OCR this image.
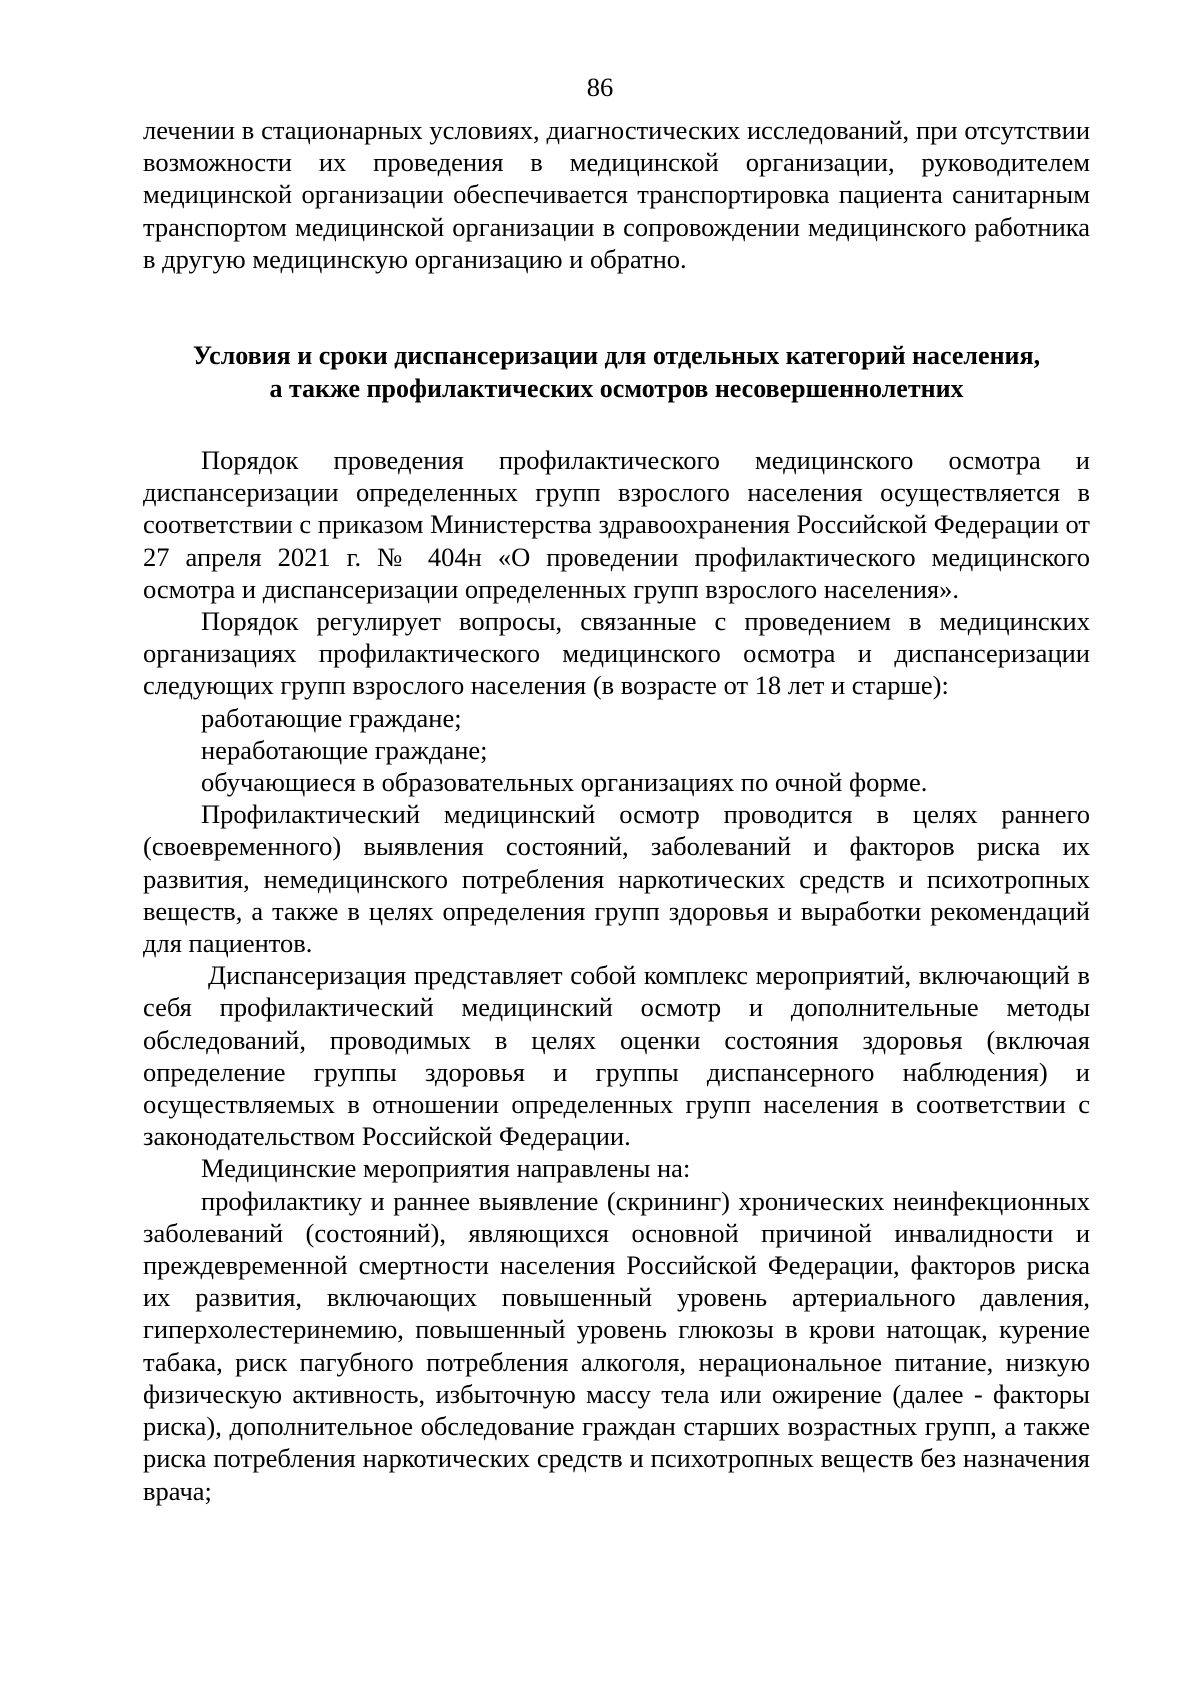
86

лечении в стационарных условиях, диагностических исследований, при отсутствии возможности их проведения в медицинской организации, руководителем медицинской организации обеспечивается транспортировка пациента санитарным транспортом медицинской организации в сопровождении медицинского работника в другую медицинскую организацию и обратно.

Условия и сроки диспансеризации для отдельных категорий населения,
а также профилактических осмотров несовершеннолетних

Порядок проведения профилактического медицинского осмотра и диспансеризации определенных групп взрослого населения осуществляется в соответствии с приказом Министерства здравоохранения Российской Федерации от 27 апреля 2021 г. № 404н «О проведении профилактического медицинского осмотра и диспансеризации определенных групп взрослого населения».

Порядок регулирует вопросы, связанные с проведением в медицинских организациях профилактического медицинского осмотра и диспансеризации следующих групп взрослого населения (в возрасте от 18 лет и старше):

работающие граждане;

неработающие граждане;

обучающиеся в образовательных организациях по очной форме.

Профилактический медицинский осмотр проводится в целях раннего (своевременного) выявления состояний, заболеваний и факторов риска их развития, немедицинского потребления наркотических средств и психотропных веществ, а также в целях определения групп здоровья и выработки рекомендаций для пациентов.

Диспансеризация представляет собой комплекс мероприятий, включающий в себя профилактический медицинский осмотр и дополнительные методы обследований, проводимых в целях оценки состояния здоровья (включая определение группы здоровья и группы диспансерного наблюдения) и осуществляемых в отношении определенных групп населения в соответствии с законодательством Российской Федерации.

Медицинские мероприятия направлены на:

профилактику и раннее выявление (скрининг) хронических неинфекционных заболеваний (состояний), являющихся основной причиной инвалидности и преждевременной смертности населения Российской Федерации, факторов риска их развития, включающих повышенный уровень артериального давления, гиперхолестеринемию, повышенный уровень глюкозы в крови натощак, курение табака, риск пагубного потребления алкоголя, нерациональное питание, низкую физическую активность, избыточную массу тела или ожирение (далее - факторы риска), дополнительное обследование граждан старших возрастных групп, а также риска потребления наркотических средств и психотропных веществ без назначения врача;
